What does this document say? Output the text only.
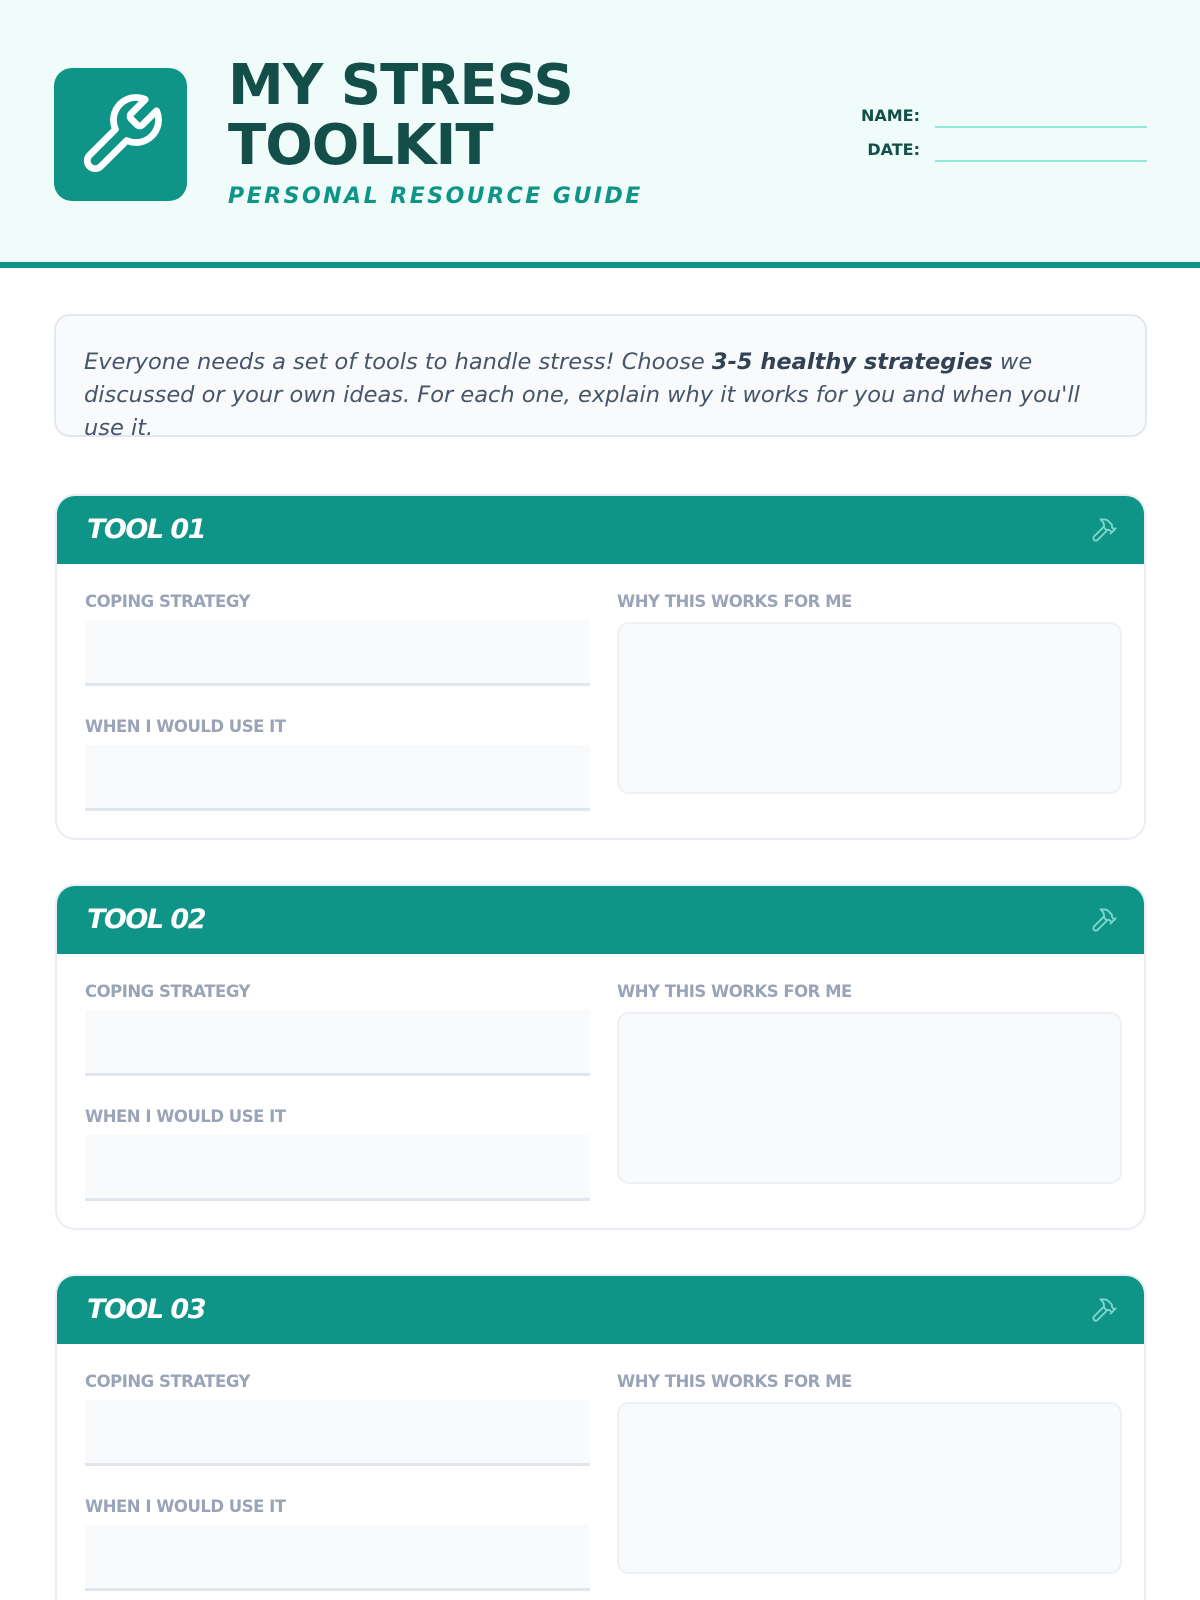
MY STRESS
TOOLKIT
PERSONAL RESOURCE GUIDE
NAME:
DATE:
Everyone needs a set of tools to handle stress! Choose 3-5 healthy strategies we discussed or your own ideas. For each one, explain why it works for you and when you'll use it.
TOOL 01
COPING STRATEGY
WHEN I WOULD USE IT
WHY THIS WORKS FOR ME
TOOL 02
COPING STRATEGY
WHEN I WOULD USE IT
WHY THIS WORKS FOR ME
TOOL 03
COPING STRATEGY
WHEN I WOULD USE IT
WHY THIS WORKS FOR ME
